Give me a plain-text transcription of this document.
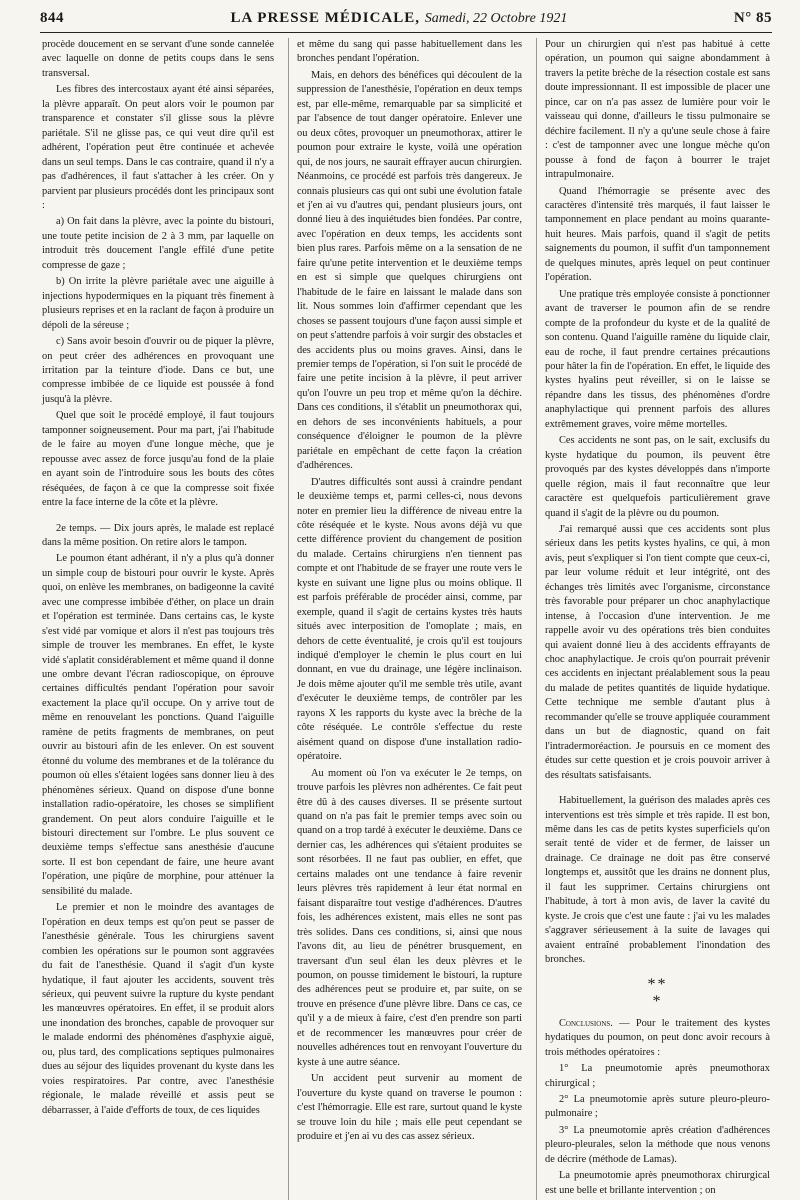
844	LA PRESSE MÉDICALE, Samedi, 22 Octobre 1921	N° 85

procède doucement en se servant d'une sonde cannelée avec laquelle on donne de petits coups dans le sens transversal.

Les fibres des intercostaux ayant été ainsi séparées, la plèvre apparaît. On peut alors voir le poumon par transparence et constater s'il glisse sous la plèvre pariétale. S'il ne glisse pas, ce qui veut dire qu'il est adhérent, l'opération peut être continuée et achevée dans un seul temps. Dans le cas contraire, quand il n'y a pas d'adhérences, il faut s'attacher à les créer. On y parvient par plusieurs procédés dont les principaux sont :

a) On fait dans la plèvre, avec la pointe du bistouri, une toute petite incision de 2 à 3 mm, par laquelle on introduit très doucement l'angle effilé d'une petite compresse de gaze ;

b) On irrite la plèvre pariétale avec une aiguille à injections hypodermiques en la piquant très finement à plusieurs reprises et en la raclant de façon à produire un dépoli de la séreuse ;

c) Sans avoir besoin d'ouvrir ou de piquer la plèvre, on peut créer des adhérences en provoquant une irritation par la teinture d'iode. Dans ce but, une compresse imbibée de ce liquide est poussée à fond jusqu'à la plèvre.

Quel que soit le procédé employé, il faut toujours tamponner soigneusement. Pour ma part, j'ai l'habitude de le faire au moyen d'une longue mèche, que je repousse avec assez de force jusqu'au fond de la plaie en ayant soin de l'introduire sous les bouts des côtes réséquées, de façon à ce que la compresse soit fixée entre la face interne de la côte et la plèvre.

2e temps. — Dix jours après, le malade est replacé dans la même position. On retire alors le tampon.

Le poumon étant adhérant, il n'y a plus qu'à donner un simple coup de bistouri pour ouvrir le kyste. Après quoi, on enlève les membranes, on badigeonne la cavité avec une compresse imbibée d'éther, on place un drain et l'opération est terminée. Dans certains cas, le kyste s'est vidé par vomique et alors il n'est pas toujours très simple de trouver les membranes. En effet, le kyste vidé s'aplatit considérablement et même quand il donne une ombre devant l'écran radioscopique, on éprouve certaines difficultés pendant l'opération pour savoir exactement la place qu'il occupe. On y arrive tout de même en renouvelant les ponctions. Quand l'aiguille ramène de petits fragments de membranes, on peut ouvrir au bistouri afin de les enlever. On est souvent étonné du volume des membranes et de la tolérance du poumon où elles s'étaient logées sans donner lieu à des phénomènes sérieux. Quand on dispose d'une bonne installation radio-opératoire, les choses se simplifient grandement. On peut alors conduire l'aiguille et le bistouri directement sur l'ombre. Le plus souvent ce deuxième temps s'effectue sans anesthésie d'aucune sorte. Il est bon cependant de faire, une heure avant l'opération, une piqûre de morphine, pour atténuer la sensibilité du malade.

Le premier et non le moindre des avantages de l'opération en deux temps est qu'on peut se passer de l'anesthésie générale. Tous les chirurgiens savent combien les opérations sur le poumon sont aggravées du fait de l'anesthésie. Quand il s'agit d'un kyste hydatique, il faut ajouter les accidents, souvent très sérieux, qui peuvent suivre la rupture du kyste pendant les manœuvres opératoires. En effet, il se produit alors une inondation des bronches, capable de provoquer sur le malade endormi des phénomènes d'asphyxie aiguë, ou, plus tard, des complications septiques pulmonaires dues au séjour des liquides provenant du kyste dans les voies respiratoires. Par contre, avec l'anesthésie régionale, le malade réveillé et assis peut se débarrasser, à l'aide d'efforts de toux, de ces liquides

et même du sang qui passe habituellement dans les bronches pendant l'opération.

Mais, en dehors des bénéfices qui découlent de la suppression de l'anesthésie, l'opération en deux temps est, par elle-même, remarquable par sa simplicité et par l'absence de tout danger opératoire. Enlever une ou deux côtes, provoquer un pneumothorax, attirer le poumon pour extraire le kyste, voilà une opération qui, de nos jours, ne saurait effrayer aucun chirurgien. Néanmoins, ce procédé est parfois très dangereux. Je connais plusieurs cas qui ont subi une évolution fatale et j'en ai vu d'autres qui, pendant plusieurs jours, ont donné lieu à des inquiétudes bien fondées. Par contre, avec l'opération en deux temps, les accidents sont bien plus rares. Parfois même on a la sensation de ne faire qu'une petite intervention et le deuxième temps en est si simple que quelques chirurgiens ont l'habitude de le faire en laissant le malade dans son lit. Nous sommes loin d'affirmer cependant que les choses se passent toujours d'une façon aussi simple et on peut s'attendre parfois à voir surgir des obstacles et des accidents plus ou moins graves. Ainsi, dans le premier temps de l'opération, si l'on suit le procédé de faire une petite incision à la plèvre, il peut arriver qu'on l'ouvre un peu trop et même qu'on la déchire. Dans ces conditions, il s'établit un pneumothorax qui, en dehors de ses inconvénients habituels, a pour conséquence d'éloigner le poumon de la plèvre pariétale en empêchant de cette façon la création d'adhérences.

D'autres difficultés sont aussi à craindre pendant le deuxième temps et, parmi celles-ci, nous devons noter en premier lieu la différence de niveau entre la côte réséquée et le kyste. Nous avons déjà vu que cette différence provient du changement de position du malade. Certains chirurgiens n'en tiennent pas compte et ont l'habitude de se frayer une route vers le kyste en suivant une ligne plus ou moins oblique. Il est parfois préférable de procéder ainsi, comme, par exemple, quand il s'agit de certains kystes très hauts situés avec interposition de l'omoplate ; mais, en dehors de cette éventualité, je crois qu'il est toujours indiqué d'employer le chemin le plus court en lui donnant, en vue du drainage, une légère inclinaison. Je dois même ajouter qu'il me semble très utile, avant d'exécuter le deuxième temps, de contrôler par les rayons X les rapports du kyste avec la brèche de la côte réséquée. Le contrôle s'effectue du reste aisément quand on dispose d'une installation radio-opératoire.

Au moment où l'on va exécuter le 2e temps, on trouve parfois les plèvres non adhérentes. Ce fait peut être dû à des causes diverses. Il se présente surtout quand on n'a pas fait le premier temps avec soin ou quand on a trop tardé à exécuter le deuxième. Dans ce dernier cas, les adhérences qui s'étaient produites se sont résorbées. Il ne faut pas oublier, en effet, que certains malades ont une tendance à faire revenir leurs plèvres très rapidement à leur état normal en faisant disparaître tout vestige d'adhérences. D'autres fois, les adhérences existent, mais elles ne sont pas très solides. Dans ces conditions, si, ainsi que nous l'avons dit, au lieu de pénétrer brusquement, en traversant d'un seul élan les deux plèvres et le poumon, on pousse timidement le bistouri, la rupture des adhérences peut se produire et, par suite, on se trouve en présence d'une plèvre libre. Dans ce cas, ce qu'il y a de mieux à faire, c'est d'en prendre son parti et de recommencer les manœuvres pour créer de nouvelles adhérences tout en renvoyant l'ouverture du kyste à une autre séance.

Un accident peut survenir au moment de l'ouverture du kyste quand on traverse le poumon : c'est l'hémorragie. Elle est rare, surtout quand le kyste se trouve loin du hile ; mais elle peut cependant se produire et j'en ai vu des cas assez sérieux.

Pour un chirurgien qui n'est pas habitué à cette opération, un poumon qui saigne abondamment à travers la petite brèche de la résection costale est sans doute impressionnant. Il est impossible de placer une pince, car on n'a pas assez de lumière pour voir le vaisseau qui donne, d'ailleurs le tissu pulmonaire se déchire facilement. Il n'y a qu'une seule chose à faire : c'est de tamponner avec une longue mèche qu'on pousse à fond de façon à bourrer le trajet intrapulmonaire.

Quand l'hémorragie se présente avec des caractères d'intensité très marqués, il faut laisser le tamponnement en place pendant au moins quarante-huit heures. Mais parfois, quand il s'agit de petits saignements du poumon, il suffit d'un tamponnement de quelques minutes, après lequel on peut continuer l'opération.

Une pratique très employée consiste à ponctionner avant de traverser le poumon afin de se rendre compte de la profondeur du kyste et de la qualité de son contenu. Quand l'aiguille ramène du liquide clair, eau de roche, il faut prendre certaines précautions pour hâter la fin de l'opération. En effet, le liquide des kystes hyalins peut réveiller, si on le laisse se répandre dans les tissus, des phénomènes d'ordre anaphylactique qui prennent parfois des allures extrêmement graves, voire même mortelles.

Ces accidents ne sont pas, on le sait, exclusifs du kyste hydatique du poumon, ils peuvent être provoqués par des kystes développés dans n'importe quelle région, mais il faut reconnaître que leur caractère est quelquefois particulièrement grave quand il s'agit de la plèvre ou du poumon.

J'ai remarqué aussi que ces accidents sont plus sérieux dans les petits kystes hyalins, ce qui, à mon avis, peut s'expliquer si l'on tient compte que ceux-ci, par leur volume réduit et leur intégrité, ont des échanges très limités avec l'organisme, circonstance très favorable pour préparer un choc anaphylactique intense, à l'occasion d'une intervention. Je me rappelle avoir vu des opérations très bien conduites qui avaient donné lieu à des accidents effrayants de choc anaphylactique. Je crois qu'on pourrait prévenir ces accidents en injectant préalablement sous la peau du malade de petites quantités de liquide hydatique. Cette technique me semble d'autant plus à recommander qu'elle se trouve appliquée couramment dans un but de diagnostic, quand on fait l'intradermoréaction. Je poursuis en ce moment des études sur cette question et je crois pouvoir arriver à des résultats satisfaisants.

Habituellement, la guérison des malades après ces interventions est très simple et très rapide. Il est bon, même dans les cas de petits kystes superficiels qu'on serait tenté de vider et de fermer, de laisser un drainage. Ce drainage ne doit pas être conservé longtemps et, aussitôt que les drains ne donnent plus, il faut les supprimer. Certains chirurgiens ont l'habitude, à tort à mon avis, de laver la cavité du kyste. Je crois que c'est une faute : j'ai vu les malades s'aggraver sérieusement à la suite de lavages qui avaient entraîné probablement l'inondation des bronches.

**
*

Conclusions. — Pour le traitement des kystes hydatiques du poumon, on peut donc avoir recours à trois méthodes opératoires :

1° La pneumotomie après pneumothorax chirurgical ;

2° La pneumotomie après suture pleuro-pleuro-pulmonaire ;

3° La pneumotomie après création d'adhérences pleuro-pleurales, selon la méthode que nous venons de décrire (méthode de Lamas).

La pneumotomie après pneumothorax chirurgical est une belle et brillante intervention ; on
